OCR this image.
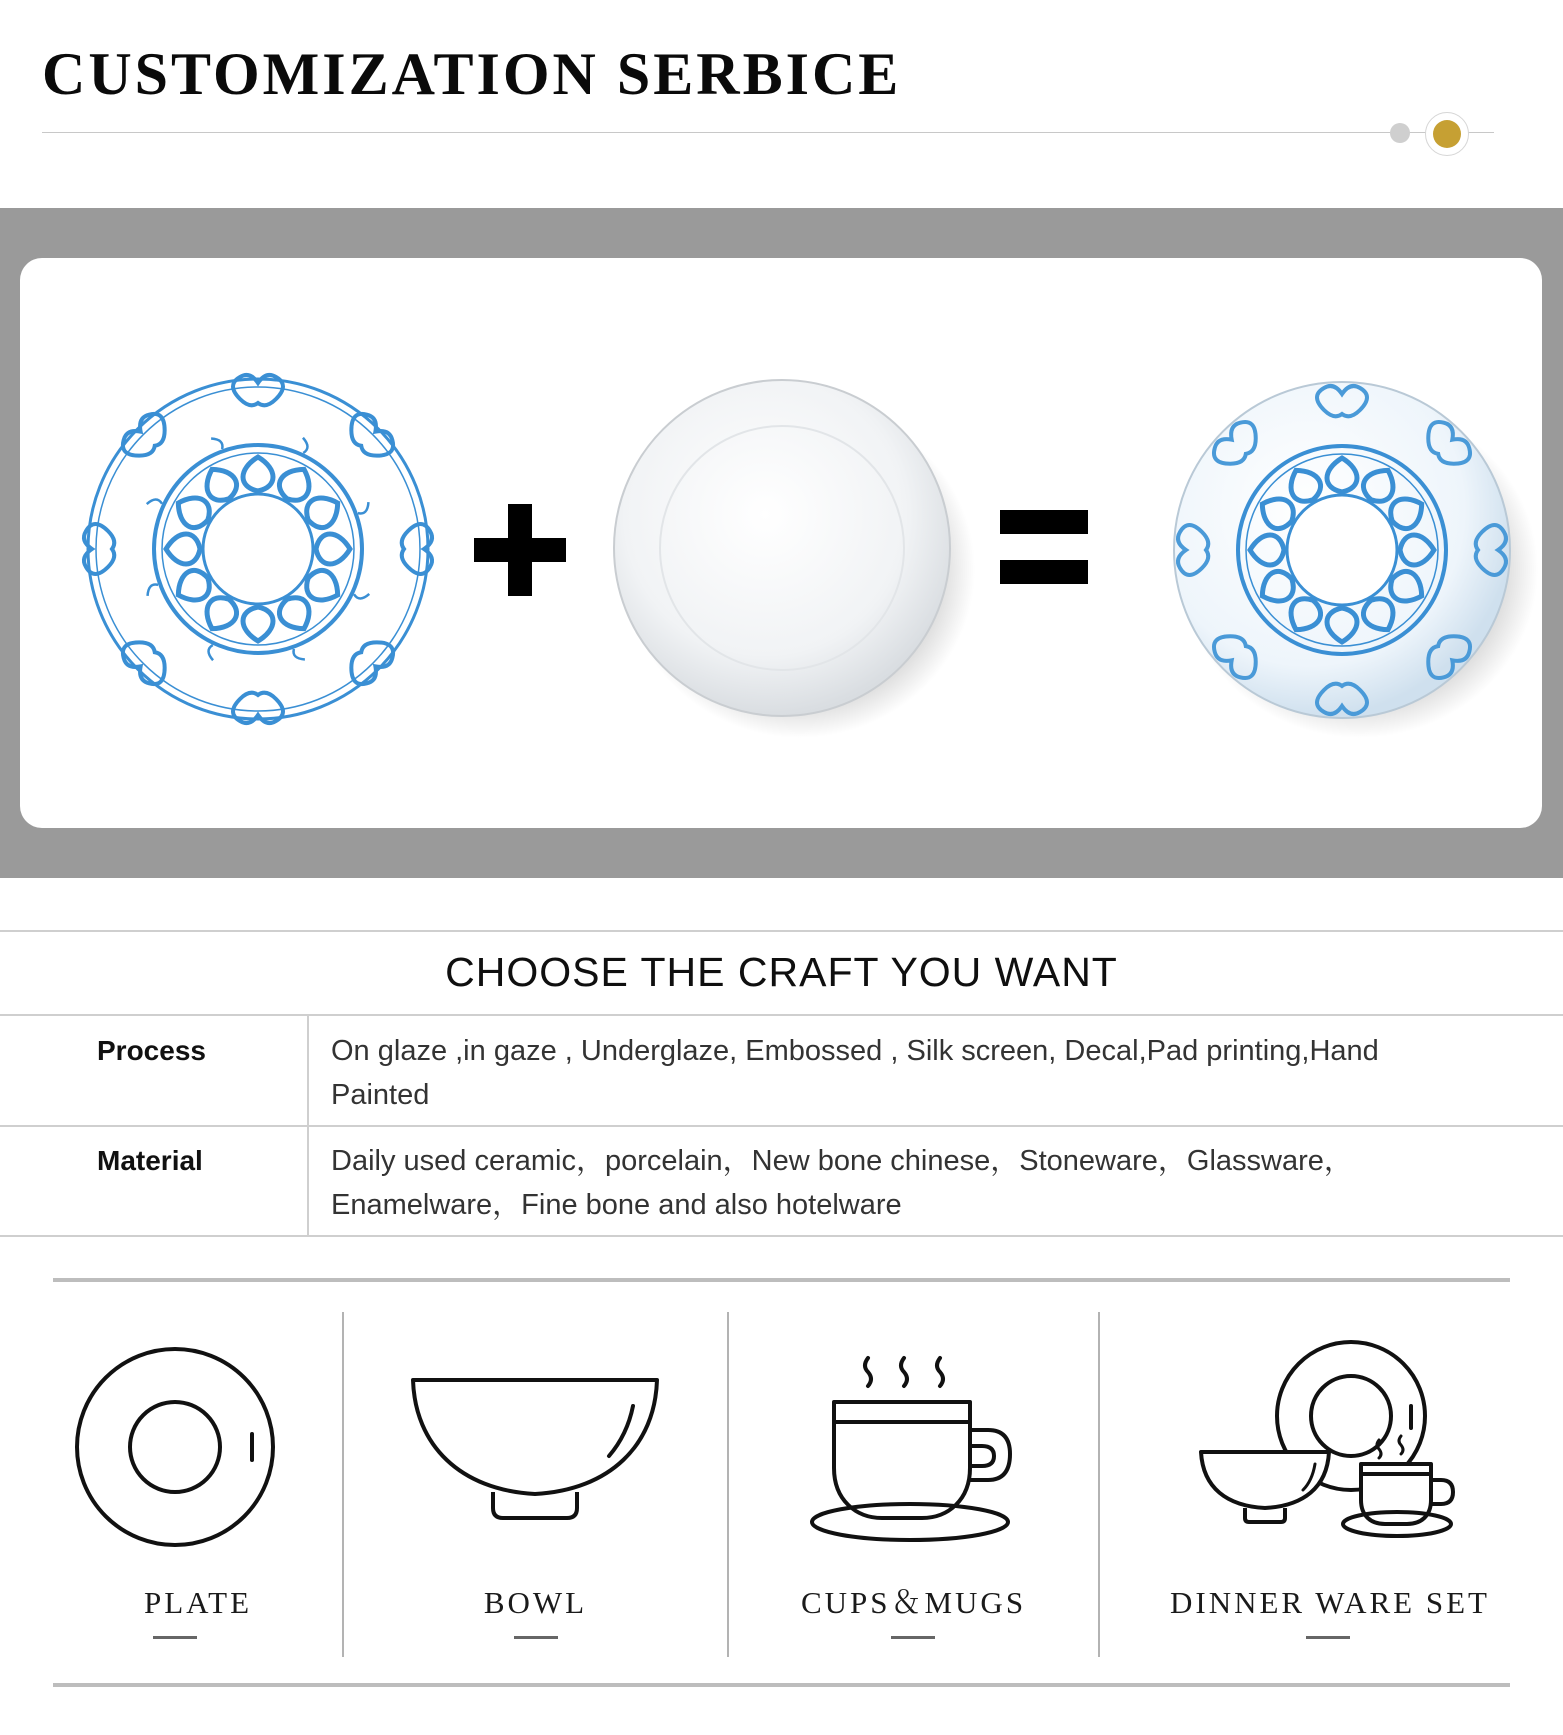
CUSTOMIZATION SERBICE
CHOOSE THE CRAFT YOU WANT
Process	On glaze ,in gaze , Underglaze, Embossed , Silk screen, Decal,Pad printing,Hand
Painted
Material	Daily used ceramic，porcelain，New bone chinese，Stoneware，Glassware，
Enamelware，Fine bone and also hotelware
PLATE	BOWL	CUPS＆MUGS	DINNER WARE SET
